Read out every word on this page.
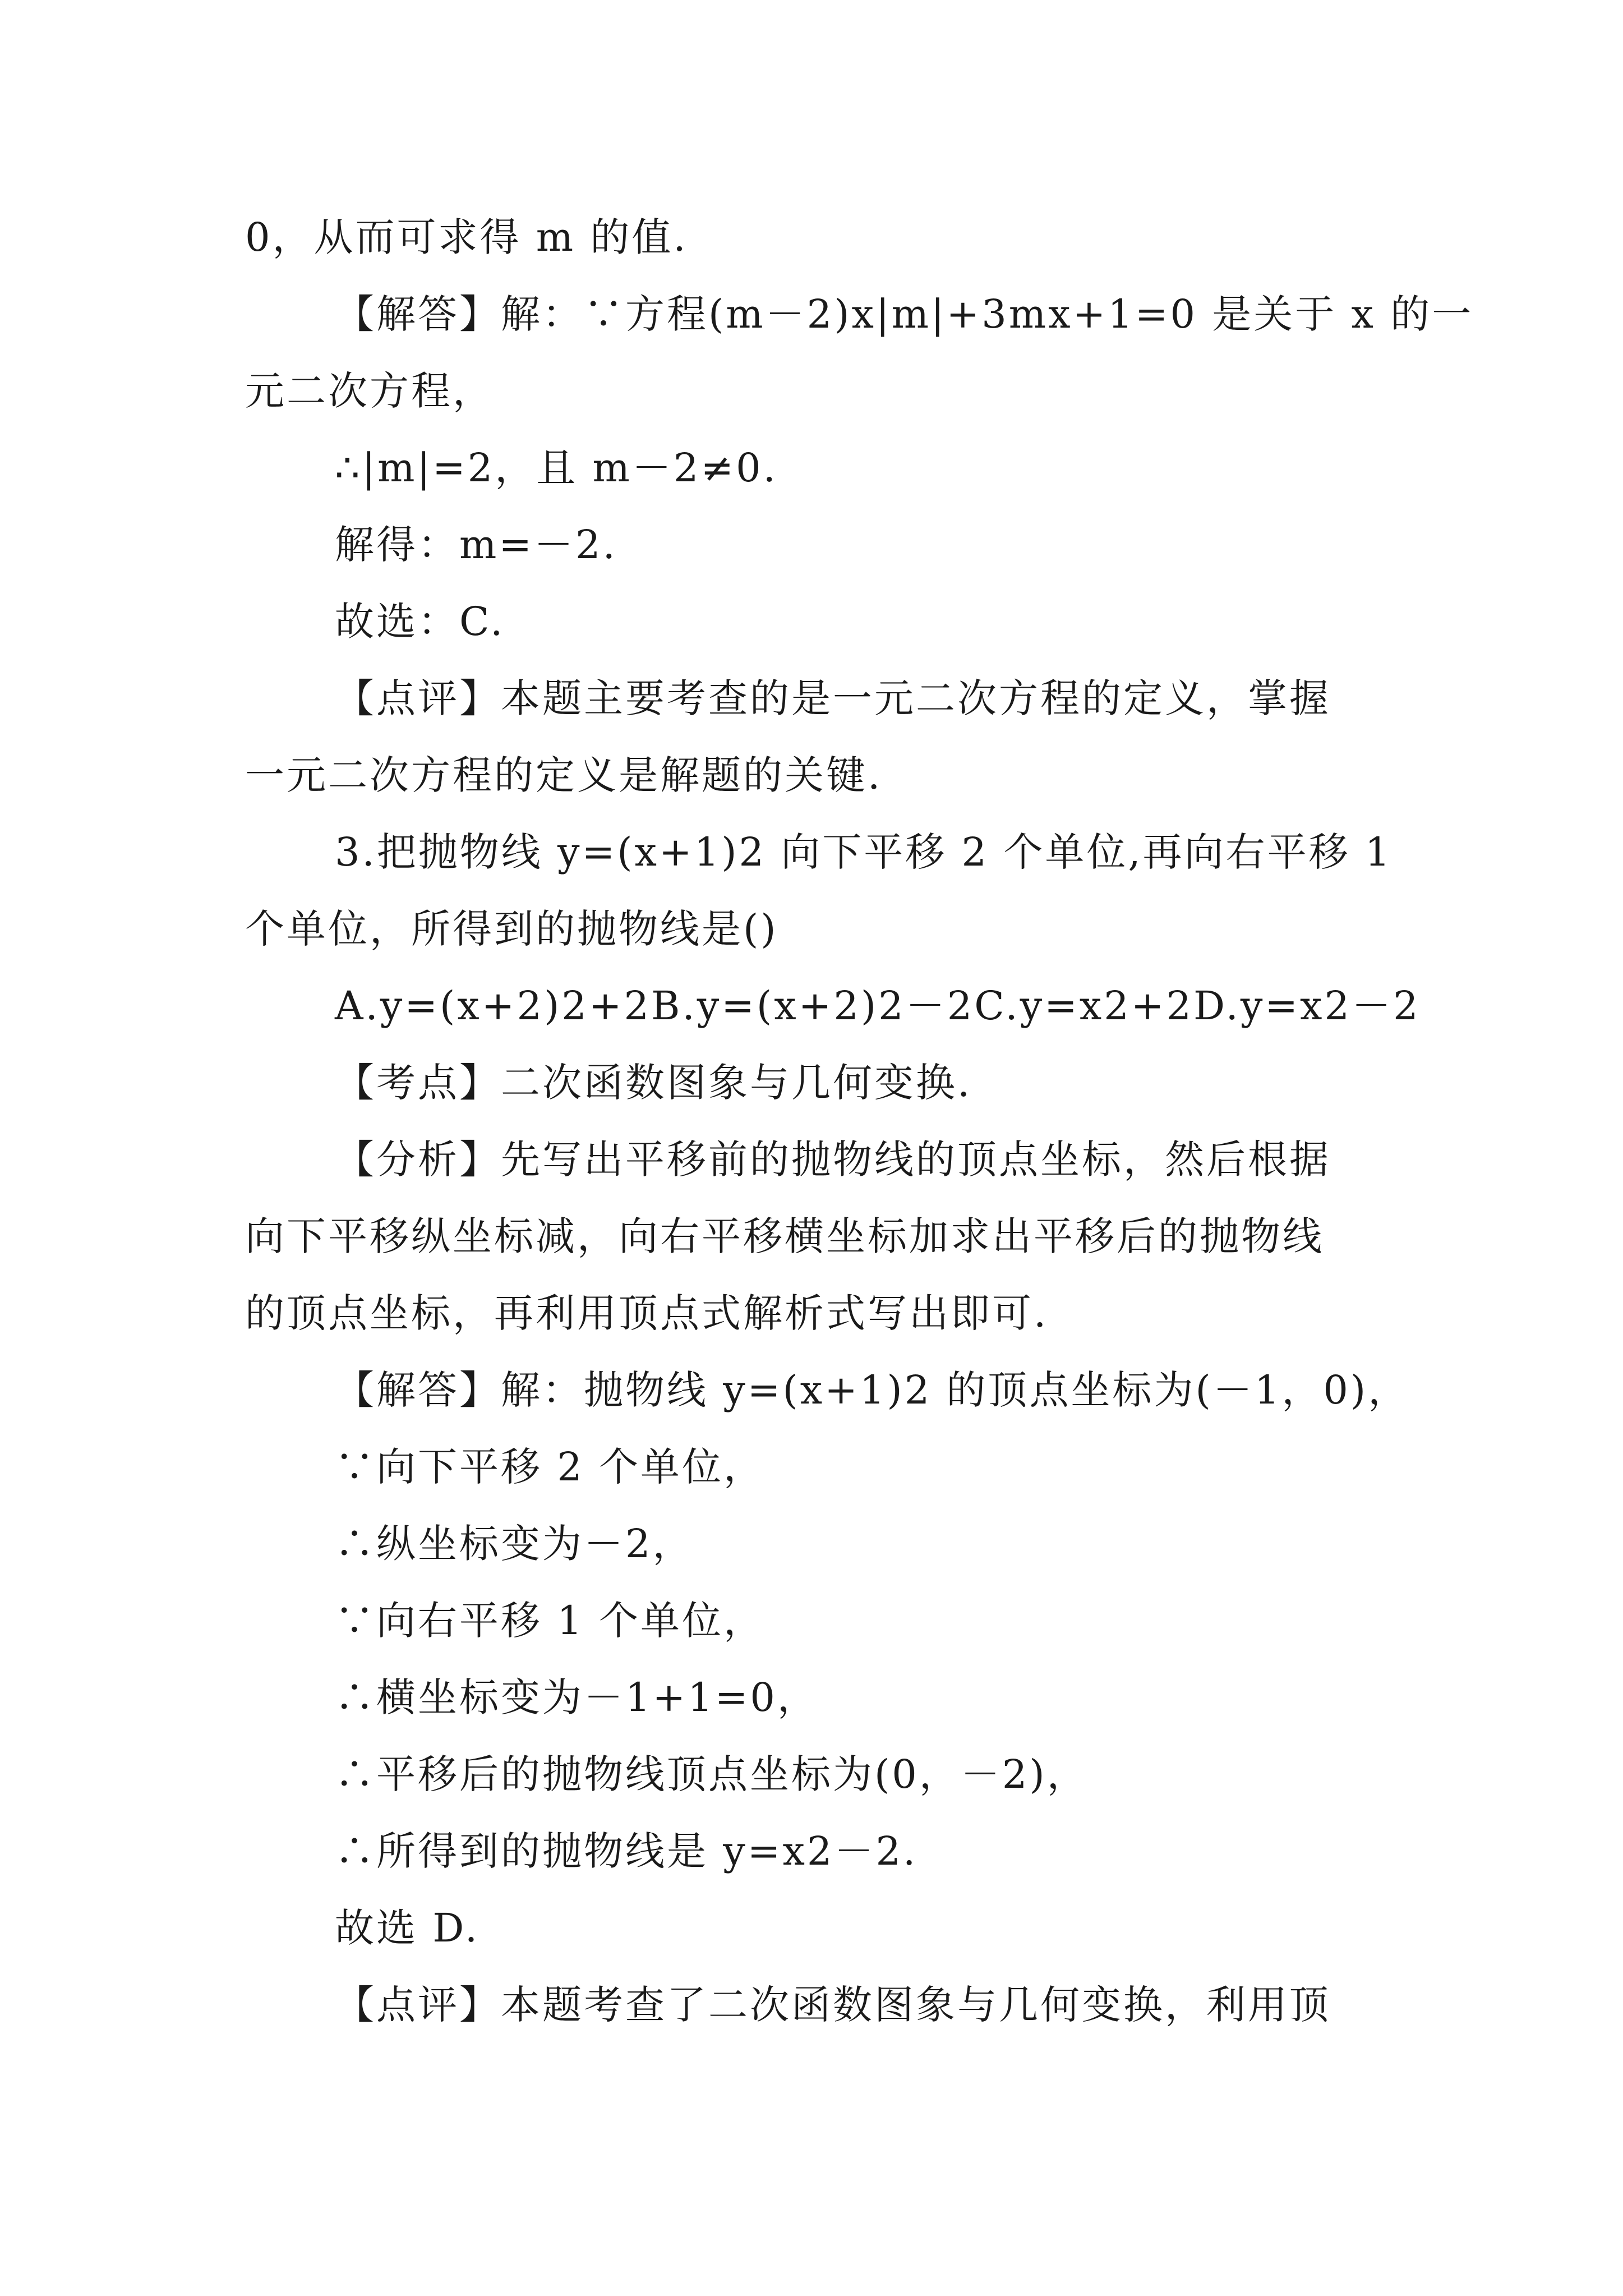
0，从而可求得 m 的值.
【解答】解：∵方程(m－2)x|m|+3mx+1=0 是关于 x 的一
元二次方程，
∴|m|=2，且 m－2≠0.
解得：m=－2.
故选：C.
【点评】本题主要考查的是一元二次方程的定义，掌握
一元二次方程的定义是解题的关键.
3.把抛物线 y=(x+1)2 向下平移 2 个单位,再向右平移 1
个单位，所得到的抛物线是()
A.y=(x+2)2+2B.y=(x+2)2－2C.y=x2+2D.y=x2－2
【考点】二次函数图象与几何变换.
【分析】先写出平移前的抛物线的顶点坐标，然后根据
向下平移纵坐标减，向右平移横坐标加求出平移后的抛物线
的顶点坐标，再利用顶点式解析式写出即可.
【解答】解：抛物线 y=(x+1)2 的顶点坐标为(－1，0)，
∵向下平移 2 个单位，
∴纵坐标变为－2，
∵向右平移 1 个单位，
∴横坐标变为－1+1=0，
∴平移后的抛物线顶点坐标为(0，－2)，
∴所得到的抛物线是 y=x2－2.
故选 D.
【点评】本题考查了二次函数图象与几何变换，利用顶
